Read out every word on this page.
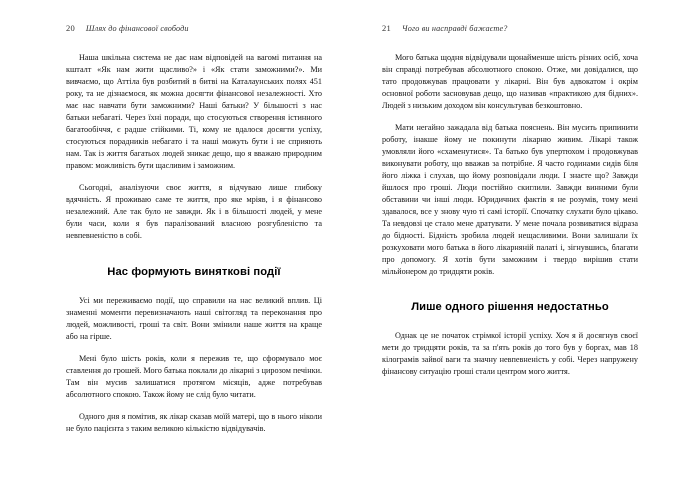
20 Шлях до фінансової свободи	21 Чого ви насправді бажаєте?

Наша шкільна система не дає нам відповідей на вагомі питання на кшталт «Як нам жити щасливо?» і «Як стати заможними?». Ми вивчаємо, що Аттіла був розбитий в битві на Каталаунських полях 451 року, та не дізнаємося, як можна досягти фінансової незалежності. Хто має нас навчати бути заможними? Наші батьки? У більшості з нас батьки небагаті. Через їхні поради, що стосуються створення істинного багатообіччя, є радше стійкими. Ті, кому не вдалося досягти успіху, стосуються порадників небагато і та наші можуть бути і не сприяють нам. Так із життя багатьох людей зникає дещо, що я вважаю природним правом: можливість бути щасливим і заможним.

Сьогодні, аналізуючи своє життя, я відчуваю лише глибоку вдячність. Я проживаю саме те життя, про яке мріяв, і я фінансово незалежний. Але так було не завжди. Як і в більшості людей, у мене були часи, коли я був паралізований власною розгубленістю та невпевненістю в собі.

Нас формують виняткові події

Усі ми переживаємо події, що справили на нас великий вплив. Ці знаменні моменти перевизначають наші світогляд та переконання про людей, можливості, гроші та світ. Вони змінили наше життя на краще або на гірше.

Мені було шість років, коли я пережив те, що сформувало моє ставлення до грошей. Мого батька поклали до лікарні з цирозом печінки. Там він мусив залишатися протягом місяців, адже потребував абсолютного спокою. Також йому не слід було читати.

Одного дня я помітив, як лікар сказав моїй матері, що в нього ніколи не було пацієнта з таким великою кількістю відвідувачів.

Мого батька щодня відвідували щонайменше шість різних осіб, хоча він справді потребував абсолютного спокою. Отже, ми довідалися, що тато продовжував працювати у лікарні. Він був адвокатом і окрім основної роботи засновував дещо, що називав «практикою для бідних». Людей з низьким доходом він консультував безкоштовно.

Мати негайно зажадала від батька пояснень. Він мусить припинити роботу, інакше йому не покинути лікарню живим. Лікарі також умовляли його «схаменутися». Та батько був упертюхом і продовжував виконувати роботу, що вважав за потрібне. Я часто годинами сидів біля його ліжка і слухав, що йому розповідали люди. І знаєте що? Завжди йшлося про гроші. Люди постійно скиглили. Завжди винними були обставини чи інші люди. Юридичних фактів я не розумів, тому мені здавалося, все у знову чую ті самі історії. Спочатку слухати було цікаво. Та невдовзі це стало мене дратувати. У мене почала розвиватися відраза до бідності. Бідність зробила людей нещасливими. Вони залишали їх розкуховати мого батька в його лікарняній палаті і, зігнувшись, благати про допомогу. Я хотів бути заможним і твердо вирішив стати мільйонером до тридцяти років.

Лише одного рішення недостатньо

Однак це не початок стрімкої історії успіху. Хоч я й досягнув своєї мети до тридцяти років, та за п'ять років до того був у боргах, мав 18 кілограмів зайвої ваги та значну невпевненість у собі. Через напружену фінансову ситуацію гроші стали центром мого життя.
